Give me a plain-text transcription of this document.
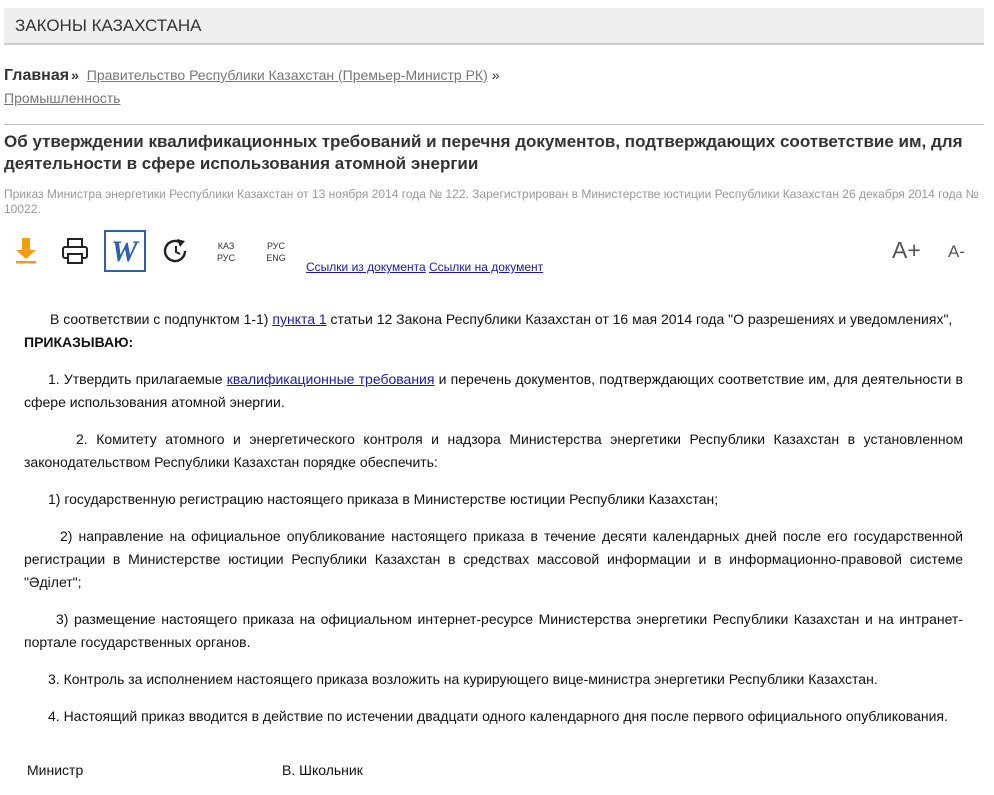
ЗАКОНЫ КАЗАХСТАНА
Главная » Правительство Республики Казахстан (Премьер-Министр РК) »
Промышленность
Об утверждении квалификационных требований и перечня документов, подтверждающих соответствие им, для деятельности в сфере использования атомной энергии
Приказ Министра энергетики Республики Казахстан от 13 ноября 2014 года № 122. Зарегистрирован в Министерстве юстиции Республики Казахстан 26 декабря 2014 года № 10022.
W	КАЗ
РУС
РУС
ENG
Ссылки из документа Ссылки на документ
A+ A-

В соответствии с подпунктом 1-1) пункта 1 статьи 12 Закона Республики Казахстан от 16 мая 2014 года "О разрешениях и уведомлениях",
ПРИКАЗЫВАЮ:

1. Утвердить прилагаемые квалификационные требования и перечень документов, подтверждающих соответствие им, для деятельности в сфере использования атомной энергии.

2. Комитету атомного и энергетического контроля и надзора Министерства энергетики Республики Казахстан в установленном законодательством Республики Казахстан порядке обеспечить:

1) государственную регистрацию настоящего приказа в Министерстве юстиции Республики Казахстан;

2) направление на официальное опубликование настоящего приказа в течение десяти календарных дней после его государственной регистрации в Министерстве юстиции Республики Казахстан в средствах массовой информации и в информационно-правовой системе "Әділет";

3) размещение настоящего приказа на официальном интернет-ресурсе Министерства энергетики Республики Казахстан и на интранет-портале государственных органов.

3. Контроль за исполнением настоящего приказа возложить на курирующего вице-министра энергетики Республики Казахстан.

4. Настоящий приказ вводится в действие по истечении двадцати одного календарного дня после первого официального опубликования.

Министр	В. Школьник
